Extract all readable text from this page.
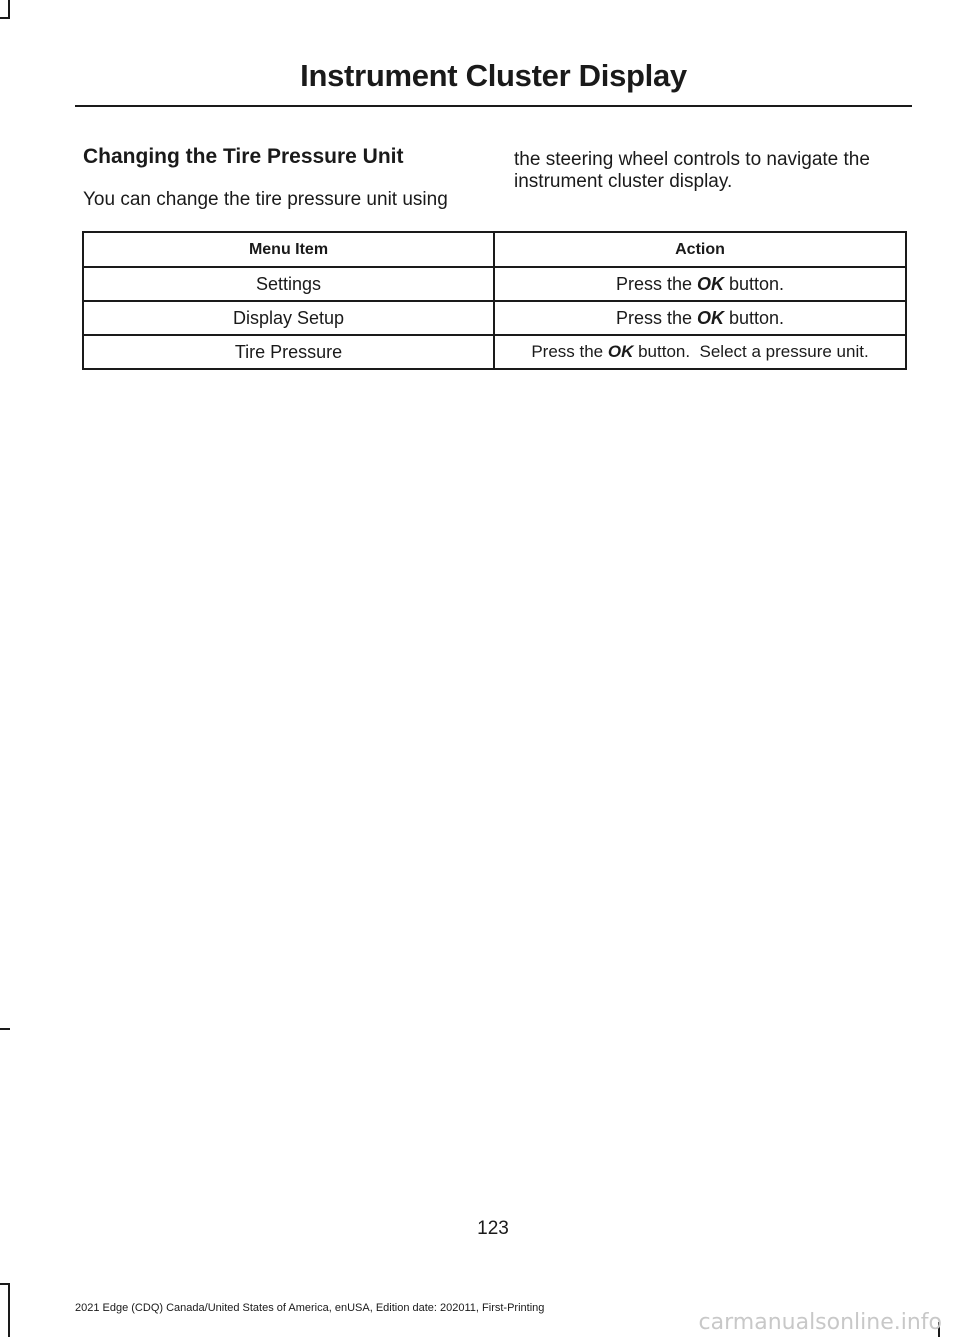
Instrument Cluster Display
Changing the Tire Pressure Unit
You can change the tire pressure unit using
the steering wheel controls to navigate the instrument cluster display.
Menu Item	Action
Settings	Press the OK button.
Display Setup	Press the OK button.
Tire Pressure	Press the OK button.  Select a pressure unit.
123
2021 Edge (CDQ) Canada/United States of America, enUSA, Edition date: 202011, First-Printing
carmanualsonline.info
